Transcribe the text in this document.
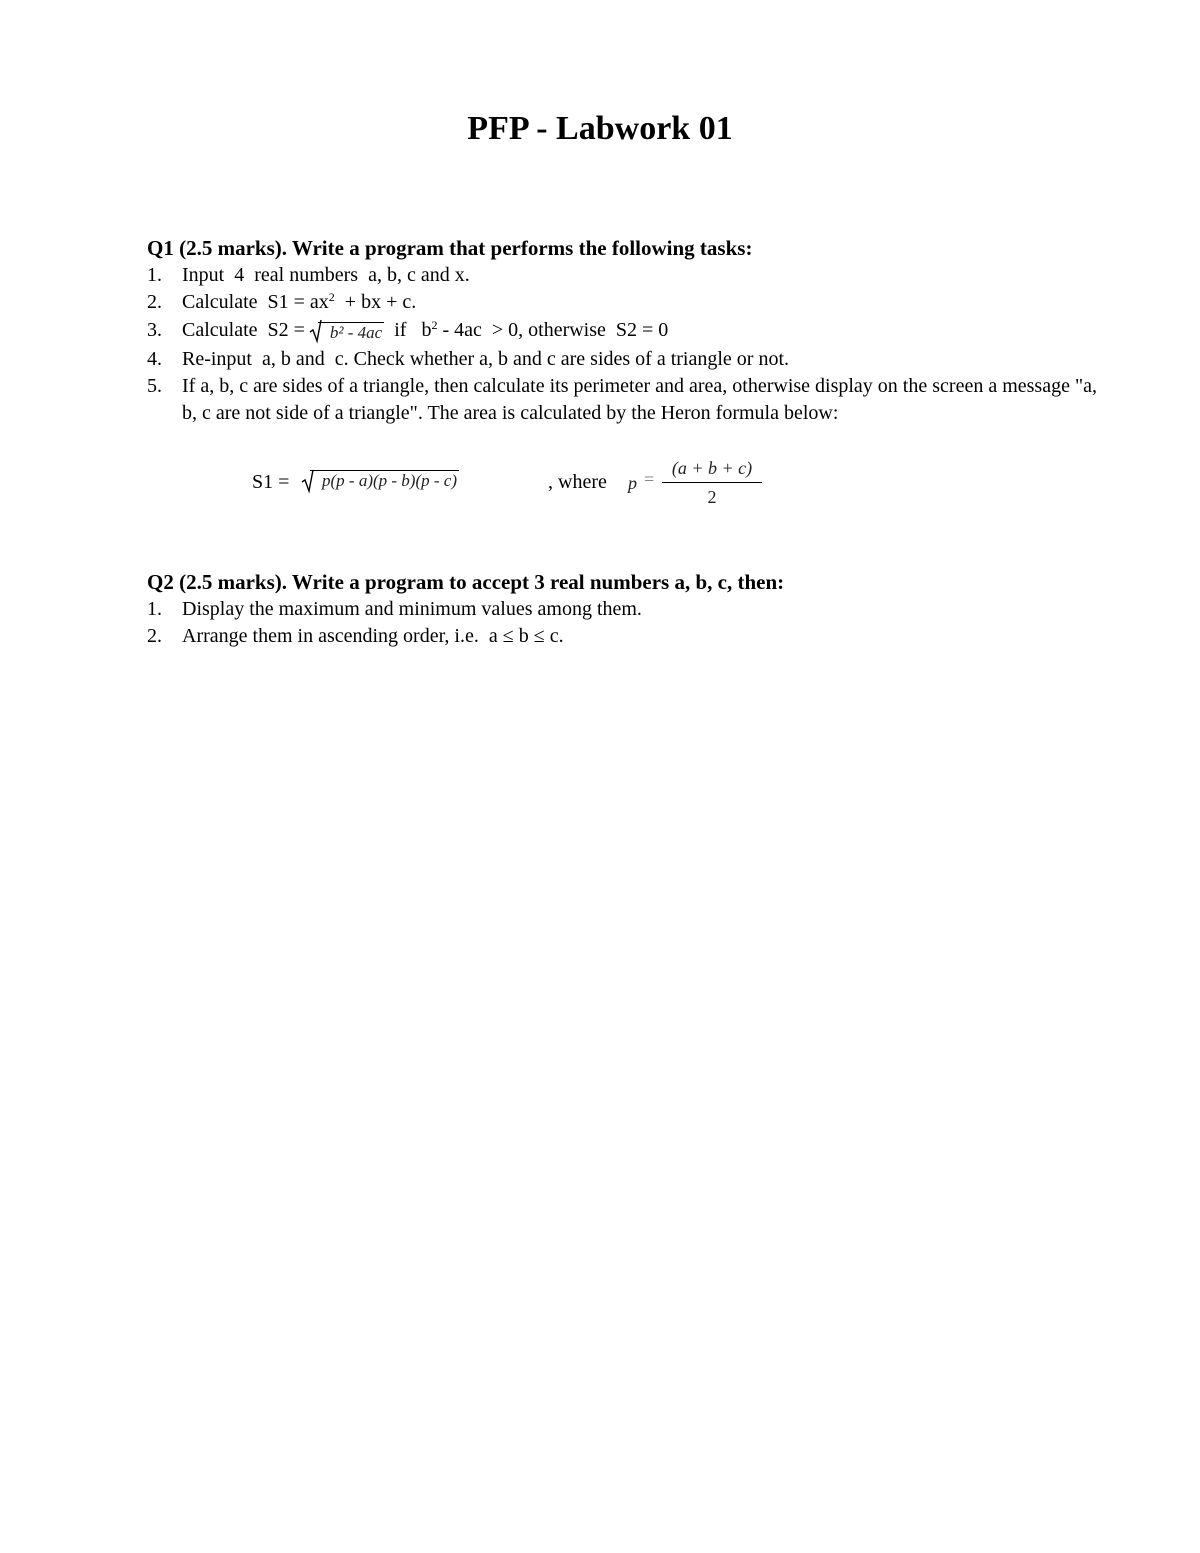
PFP - Labwork 01

Q1 (2.5 marks). Write a program that performs the following tasks:

1.	Input  4  real numbers  a, b, c and x.
2.	Calculate  $S1 = ax^2$  + bx + c.
3.	Calculate  S2 =
b² - 4ac  if   $b^2 - 4ac > 0$, otherwise  S2 = 0
4.	Re-input  a, b and  c. Check whether a, b and c are sides of a triangle or not.
5.	If a, b, c are sides of a triangle, then calculate its perimeter and area, otherwise display on the screen a message "a, b, c are not side of a triangle". The area is calculated by the Heron formula below:
S1 =	p(p - a)(p - b)(p - c)	, where p =
(a + b + c)
2

Q2 (2.5 marks). Write a program to accept 3 real numbers a, b, c, then:

1.	Display the maximum and minimum values among them.
2.	Arrange them in ascending order, i.e.  a ≤ b ≤ c.
